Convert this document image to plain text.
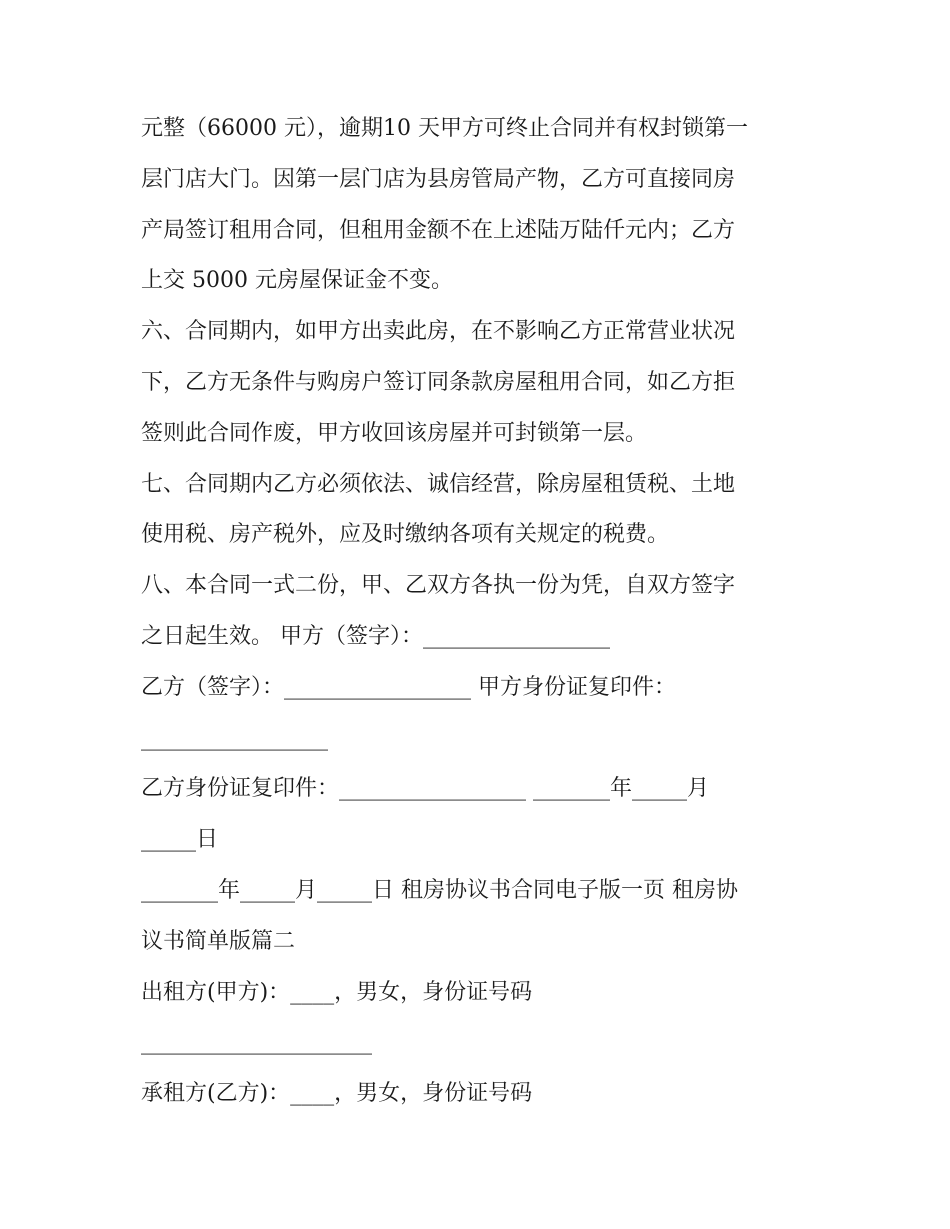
元整（66000 元），逾期10 天甲方可终止合同并有权封锁第一
层门店大门。因第一层门店为县房管局产物，乙方可直接同房
产局签订租用合同，但租用金额不在上述陆万陆仟元内；乙方
上交 5000 元房屋保证金不变。
六、合同期内，如甲方出卖此房，在不影响乙方正常营业状况
下，乙方无条件与购房户签订同条款房屋租用合同，如乙方拒
签则此合同作废，甲方收回该房屋并可封锁第一层。
七、合同期内乙方必须依法、诚信经营，除房屋租赁税、土地
使用税、房产税外，应及时缴纳各项有关规定的税费。
八、本合同一式二份，甲、乙双方各执一份为凭，自双方签字
之日起生效。 甲方（签字）：_________________
乙方（签字）：_________________ 甲方身份证复印件：
_________________
乙方身份证复印件：_________________ _______年_____月
_____日
_______年_____月_____日 租房协议书合同电子版一页 租房协
议书简单版篇二
出租方(甲方)：____，男女，身份证号码
_____________________
承租方(乙方)：____，男女，身份证号码
